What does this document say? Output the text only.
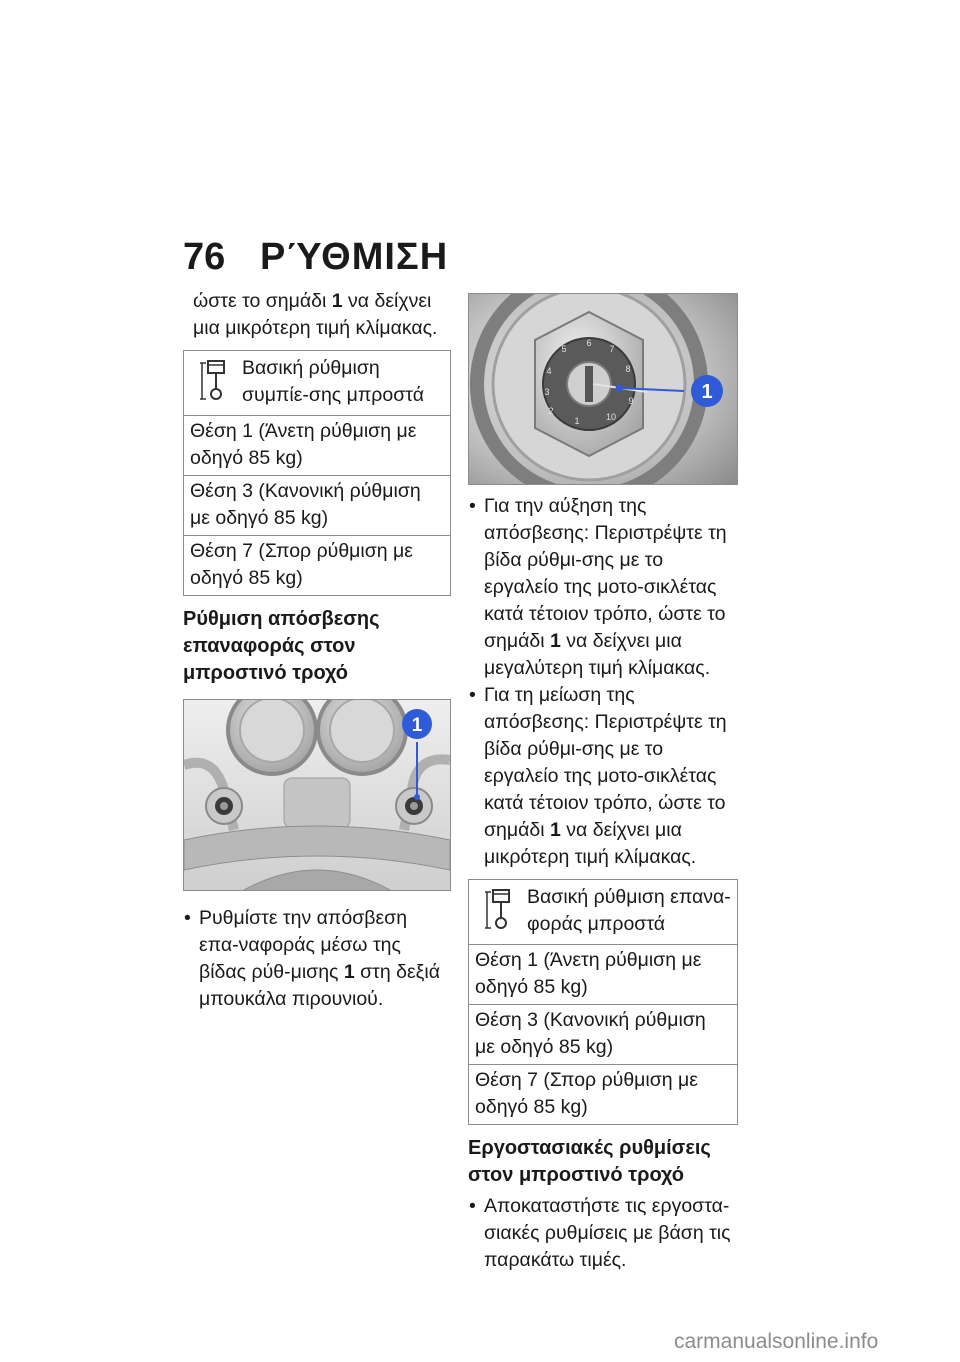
76 ΡΎΘΜΙΣΗ

ώστε το σημάδι 1 να δείχνει μια μικρότερη τιμή κλίμακας.

Βασική ρύθμιση συμπίε-σης μπροστά
Θέση 1 (Άνετη ρύθμιση με οδηγό 85 kg)
Θέση 3 (Κανονική ρύθμιση με οδηγό 85 kg)
Θέση 7 (Σπορ ρύθμιση με οδηγό 85 kg)
Ρύθμιση απόσβεσης επαναφοράς στον μπροστινό τροχό
1

• Ρυθμίστε την απόσβεση επα-ναφοράς μέσω της βίδας ρύθ-μισης 1 στη δεξιά μπουκάλα πιρουνιού.

1
1
2
3
4
5
6
7
8
9
10

• Για την αύξηση της απόσβεσης: Περιστρέψτε τη βίδα ρύθμι-σης με το εργαλείο της μοτο-σικλέτας κατά τέτοιον τρόπο, ώστε το σημάδι 1 να δείχνει μια μεγαλύτερη τιμή κλίμακας.

• Για τη μείωση της απόσβεσης: Περιστρέψτε τη βίδα ρύθμι-σης με το εργαλείο της μοτο-σικλέτας κατά τέτοιον τρόπο, ώστε το σημάδι 1 να δείχνει μια μικρότερη τιμή κλίμακας.

Βασική ρύθμιση επανα-φοράς μπροστά
Θέση 1 (Άνετη ρύθμιση με οδηγό 85 kg)
Θέση 3 (Κανονική ρύθμιση με οδηγό 85 kg)
Θέση 7 (Σπορ ρύθμιση με οδηγό 85 kg)
Εργοστασιακές ρυθμίσεις στον μπροστινό τροχό

• Αποκαταστήστε τις εργοστα-σιακές ρυθμίσεις με βάση τις παρακάτω τιμές.

carmanualsonline.info
